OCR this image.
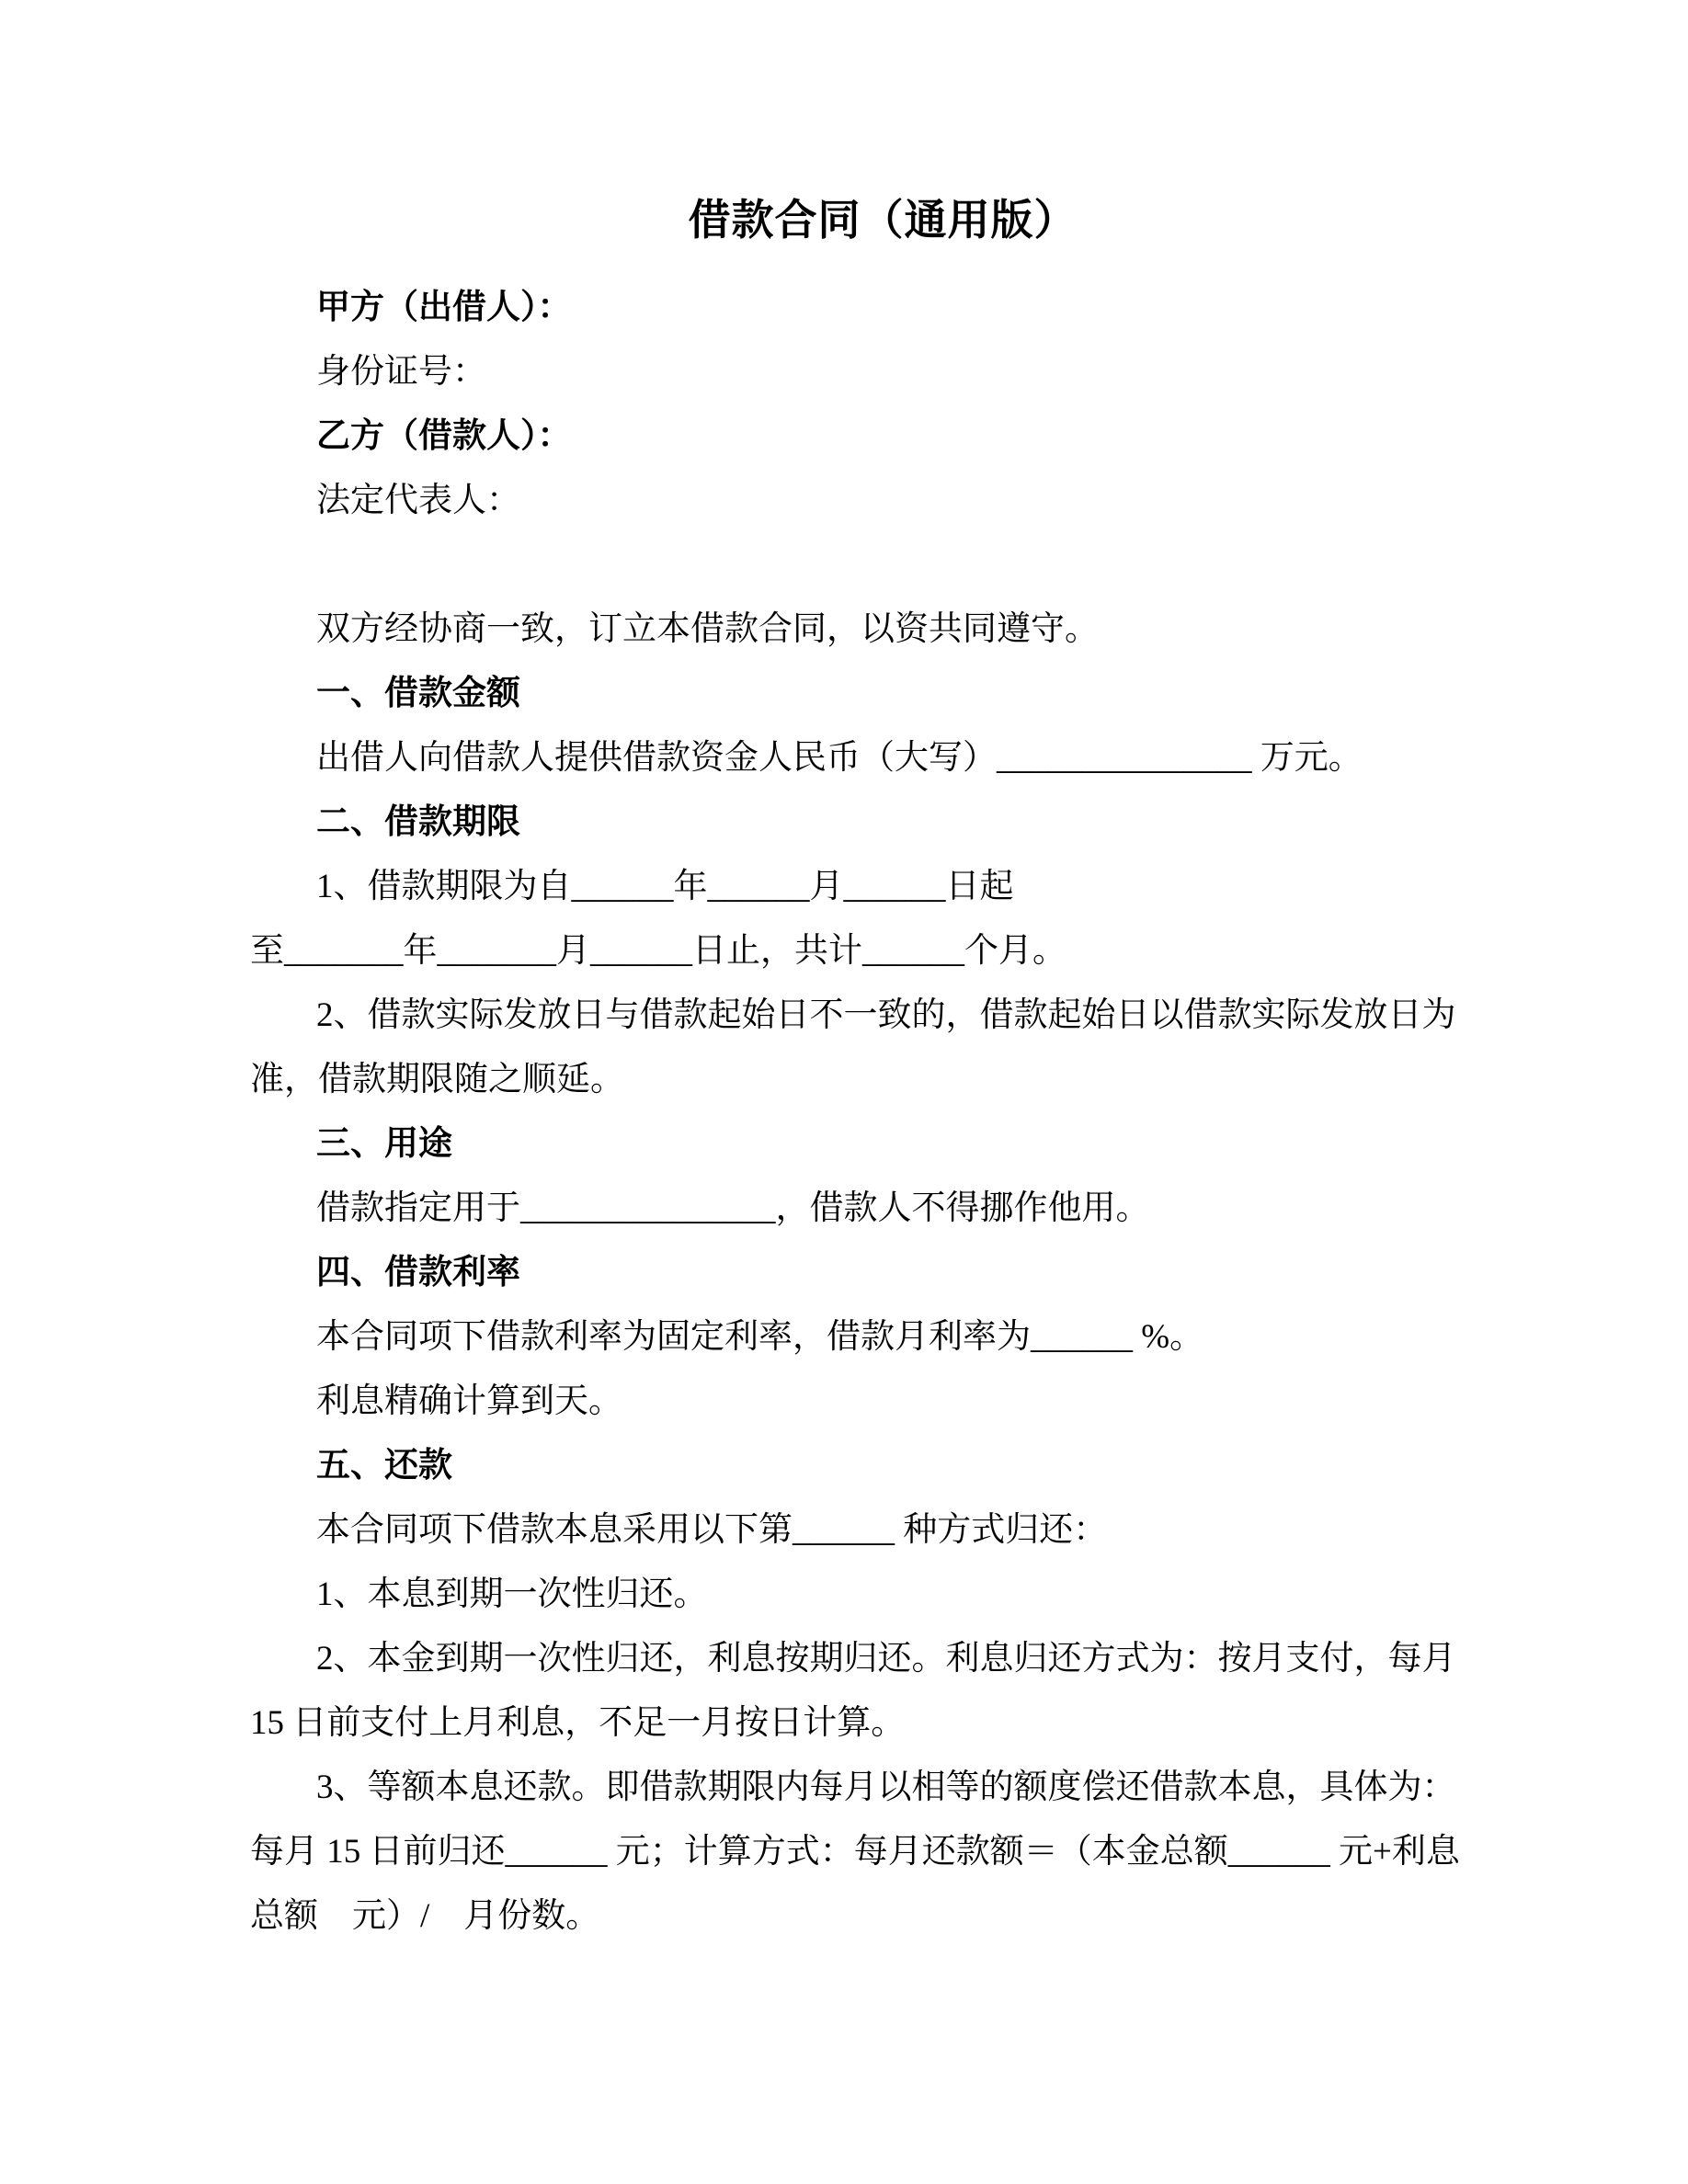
借款合同（通用版）
甲方（出借人）：
身份证号：
乙方（借款人）：
法定代表人：

双方经协商一致，订立本借款合同，以资共同遵守。
一、借款金额
出借人向借款人提供借款资金人民币（大写）_______________ 万元。
二、借款期限
1、借款期限为自______年______月______日起
至_______年_______月______日止，共计______个月。
2、借款实际发放日与借款起始日不一致的，借款起始日以借款实际发放日为
准，借款期限随之顺延。
三、用途
借款指定用于_______________，借款人不得挪作他用。
四、借款利率
本合同项下借款利率为固定利率，借款月利率为______ %。
利息精确计算到天。
五、还款
本合同项下借款本息采用以下第______ 种方式归还：
1、本息到期一次性归还。
2、本金到期一次性归还，利息按期归还。利息归还方式为：按月支付，每月
15 日前支付上月利息，不足一月按日计算。
3、等额本息还款。即借款期限内每月以相等的额度偿还借款本息，具体为：
每月 15 日前归还______ 元；计算方式：每月还款额＝（本金总额______ 元+利息
总额　元）/　月份数。
